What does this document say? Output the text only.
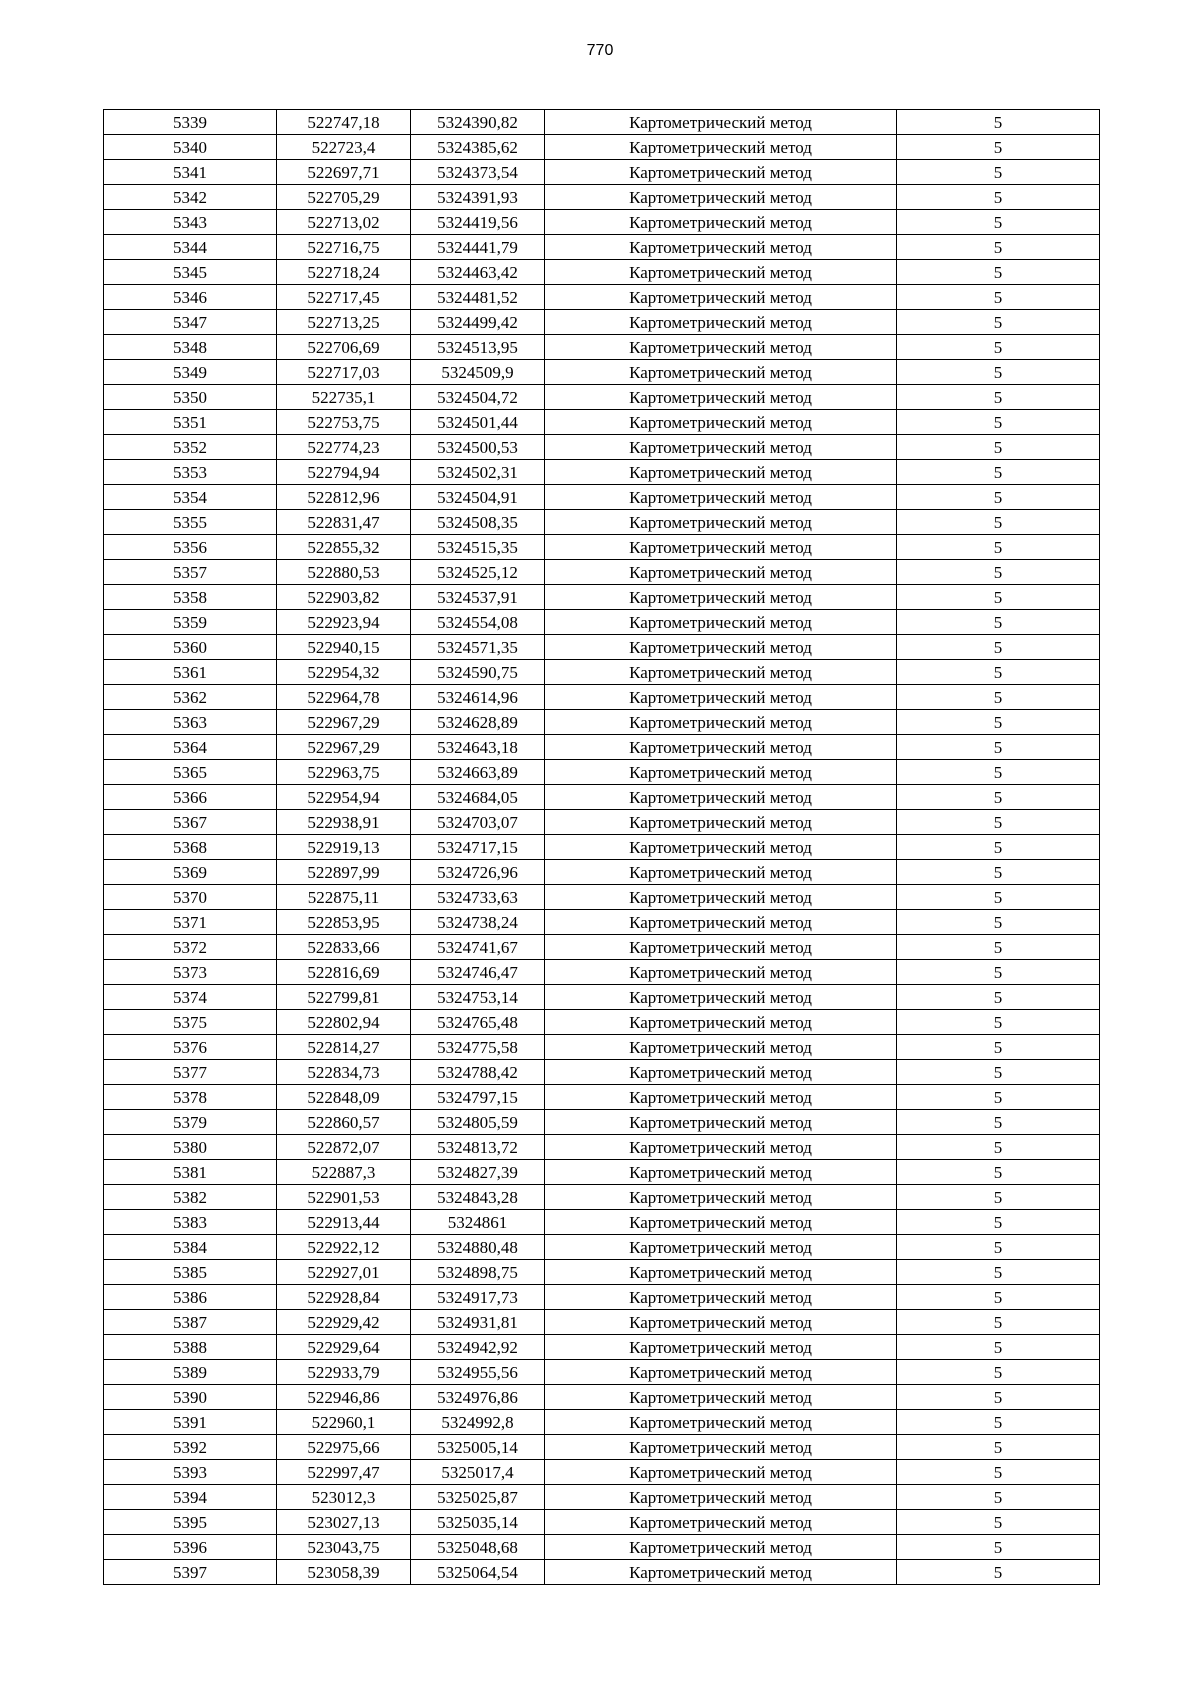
770
5339	522747,18	5324390,82	Картометрический метод	5
5340	522723,4	5324385,62	Картометрический метод	5
5341	522697,71	5324373,54	Картометрический метод	5
5342	522705,29	5324391,93	Картометрический метод	5
5343	522713,02	5324419,56	Картометрический метод	5
5344	522716,75	5324441,79	Картометрический метод	5
5345	522718,24	5324463,42	Картометрический метод	5
5346	522717,45	5324481,52	Картометрический метод	5
5347	522713,25	5324499,42	Картометрический метод	5
5348	522706,69	5324513,95	Картометрический метод	5
5349	522717,03	5324509,9	Картометрический метод	5
5350	522735,1	5324504,72	Картометрический метод	5
5351	522753,75	5324501,44	Картометрический метод	5
5352	522774,23	5324500,53	Картометрический метод	5
5353	522794,94	5324502,31	Картометрический метод	5
5354	522812,96	5324504,91	Картометрический метод	5
5355	522831,47	5324508,35	Картометрический метод	5
5356	522855,32	5324515,35	Картометрический метод	5
5357	522880,53	5324525,12	Картометрический метод	5
5358	522903,82	5324537,91	Картометрический метод	5
5359	522923,94	5324554,08	Картометрический метод	5
5360	522940,15	5324571,35	Картометрический метод	5
5361	522954,32	5324590,75	Картометрический метод	5
5362	522964,78	5324614,96	Картометрический метод	5
5363	522967,29	5324628,89	Картометрический метод	5
5364	522967,29	5324643,18	Картометрический метод	5
5365	522963,75	5324663,89	Картометрический метод	5
5366	522954,94	5324684,05	Картометрический метод	5
5367	522938,91	5324703,07	Картометрический метод	5
5368	522919,13	5324717,15	Картометрический метод	5
5369	522897,99	5324726,96	Картометрический метод	5
5370	522875,11	5324733,63	Картометрический метод	5
5371	522853,95	5324738,24	Картометрический метод	5
5372	522833,66	5324741,67	Картометрический метод	5
5373	522816,69	5324746,47	Картометрический метод	5
5374	522799,81	5324753,14	Картометрический метод	5
5375	522802,94	5324765,48	Картометрический метод	5
5376	522814,27	5324775,58	Картометрический метод	5
5377	522834,73	5324788,42	Картометрический метод	5
5378	522848,09	5324797,15	Картометрический метод	5
5379	522860,57	5324805,59	Картометрический метод	5
5380	522872,07	5324813,72	Картометрический метод	5
5381	522887,3	5324827,39	Картометрический метод	5
5382	522901,53	5324843,28	Картометрический метод	5
5383	522913,44	5324861	Картометрический метод	5
5384	522922,12	5324880,48	Картометрический метод	5
5385	522927,01	5324898,75	Картометрический метод	5
5386	522928,84	5324917,73	Картометрический метод	5
5387	522929,42	5324931,81	Картометрический метод	5
5388	522929,64	5324942,92	Картометрический метод	5
5389	522933,79	5324955,56	Картометрический метод	5
5390	522946,86	5324976,86	Картометрический метод	5
5391	522960,1	5324992,8	Картометрический метод	5
5392	522975,66	5325005,14	Картометрический метод	5
5393	522997,47	5325017,4	Картометрический метод	5
5394	523012,3	5325025,87	Картометрический метод	5
5395	523027,13	5325035,14	Картометрический метод	5
5396	523043,75	5325048,68	Картометрический метод	5
5397	523058,39	5325064,54	Картометрический метод	5
